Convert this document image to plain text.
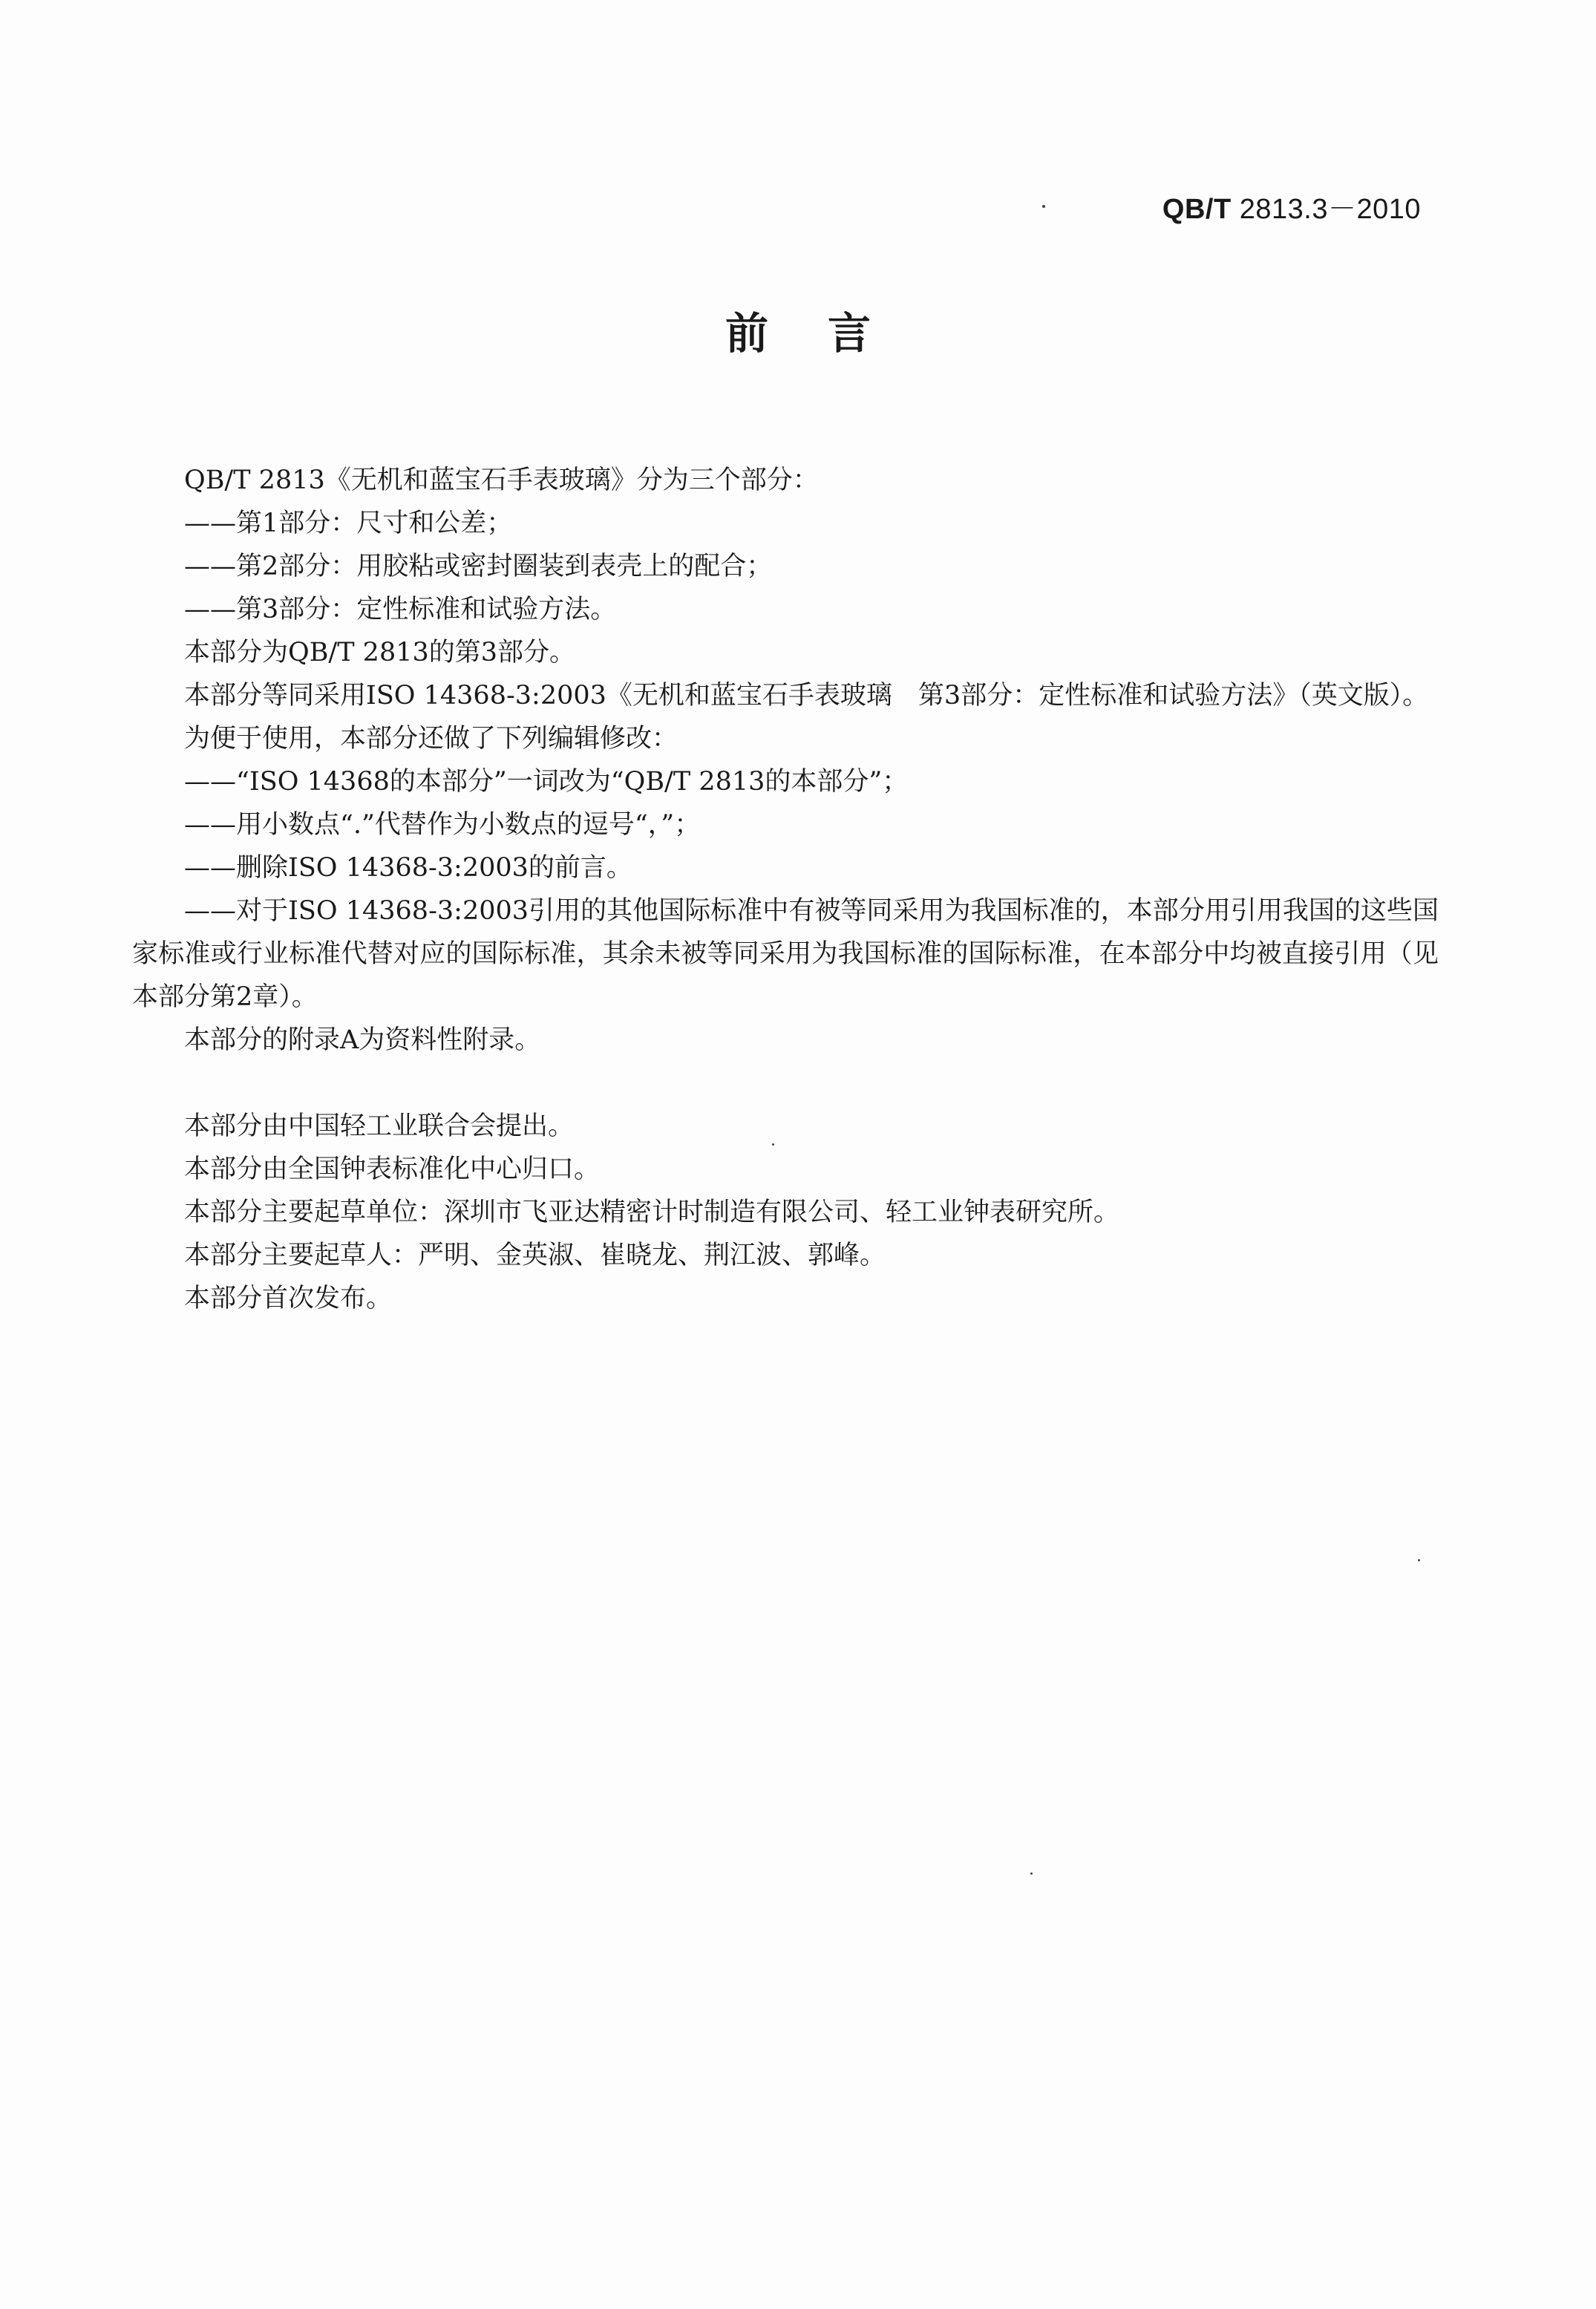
QB/T 2813.3－2010
前言

QB/T 2813《无机和蓝宝石手表玻璃》分为三个部分：

——第1部分：尺寸和公差；

——第2部分：用胶粘或密封圈装到表壳上的配合；

——第3部分：定性标准和试验方法。

本部分为QB/T 2813的第3部分。

本部分等同采用ISO 14368-3:2003《无机和蓝宝石手表玻璃　第3部分：定性标准和试验方法》（英文版）。

为便于使用，本部分还做了下列编辑修改：

——“ISO 14368的本部分”一词改为“QB/T 2813的本部分”；

——用小数点“.”代替作为小数点的逗号“，”；

——删除ISO 14368-3:2003的前言。

——对于ISO 14368-3:2003引用的其他国际标准中有被等同采用为我国标准的，本部分用引用我国的这些国家标准或行业标准代替对应的国际标准，其余未被等同采用为我国标准的国际标准，在本部分中均被直接引用（见本部分第2章）。

本部分的附录A为资料性附录。

本部分由中国轻工业联合会提出。

本部分由全国钟表标准化中心归口。

本部分主要起草单位：深圳市飞亚达精密计时制造有限公司、轻工业钟表研究所。

本部分主要起草人：严明、金英淑、崔晓龙、荆江波、郭峰。

本部分首次发布。
